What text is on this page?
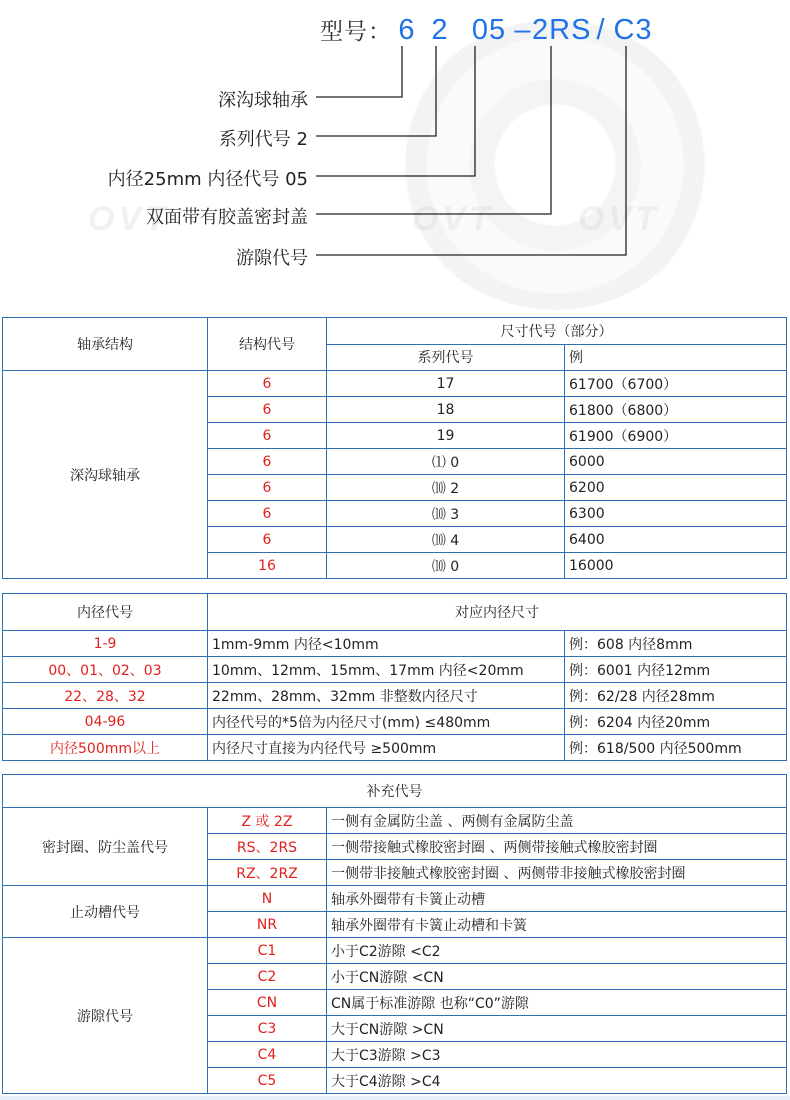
OVT	OVT OVT
型号： 6 2 05 –2RS / C3
深沟球轴承
系列代号 2
内径25mm 内径代号 05
双面带有胶盖密封盖
游隙代号
轴承结构	结构代号	尺寸代号（部分）	
		系列代号	例
深沟球轴承	6	17	61700（6700）
	6	18	61800（6800）
	6	19	61900（6900）
	6	⑴ 0	6000
	6	⑽ 2	6200
	6	⑽ 3	6300
	6	⑽ 4	6400
	16	⑽ 0	16000
内径代号	对应内径尺寸	
1-9	1mm-9mm 内径<10mm	例：608 内径8mm
00、01、02、03	10mm、12mm、15mm、17mm 内径<20mm	例：6001 内径12mm
22、28、32	22mm、28mm、32mm 非整数内径尺寸	例：62/28 内径28mm
04-96	内径代号的*5倍为内径尺寸(mm) ≤480mm	例：6204 内径20mm
内径500mm以上	内径尺寸直接为内径代号 ≥500mm	例：618/500 内径500mm
补充代号		
密封圈、防尘盖代号	Z 或 2Z	一侧有金属防尘盖 、两侧有金属防尘盖
	RS、2RS	一侧带接触式橡胶密封圈 、两侧带接触式橡胶密封圈
	RZ、2RZ	一侧带非接触式橡胶密封圈 、两侧带非接触式橡胶密封圈
止动槽代号	N	轴承外圈带有卡簧止动槽
	NR	轴承外圈带有卡簧止动槽和卡簧
游隙代号	C1	小于C2游隙 <C2
	C2	小于CN游隙 <CN
	CN	CN属于标准游隙 也称“C0”游隙
	C3	大于CN游隙 >CN
	C4	大于C3游隙 >C3
	C5	大于C4游隙 >C4
